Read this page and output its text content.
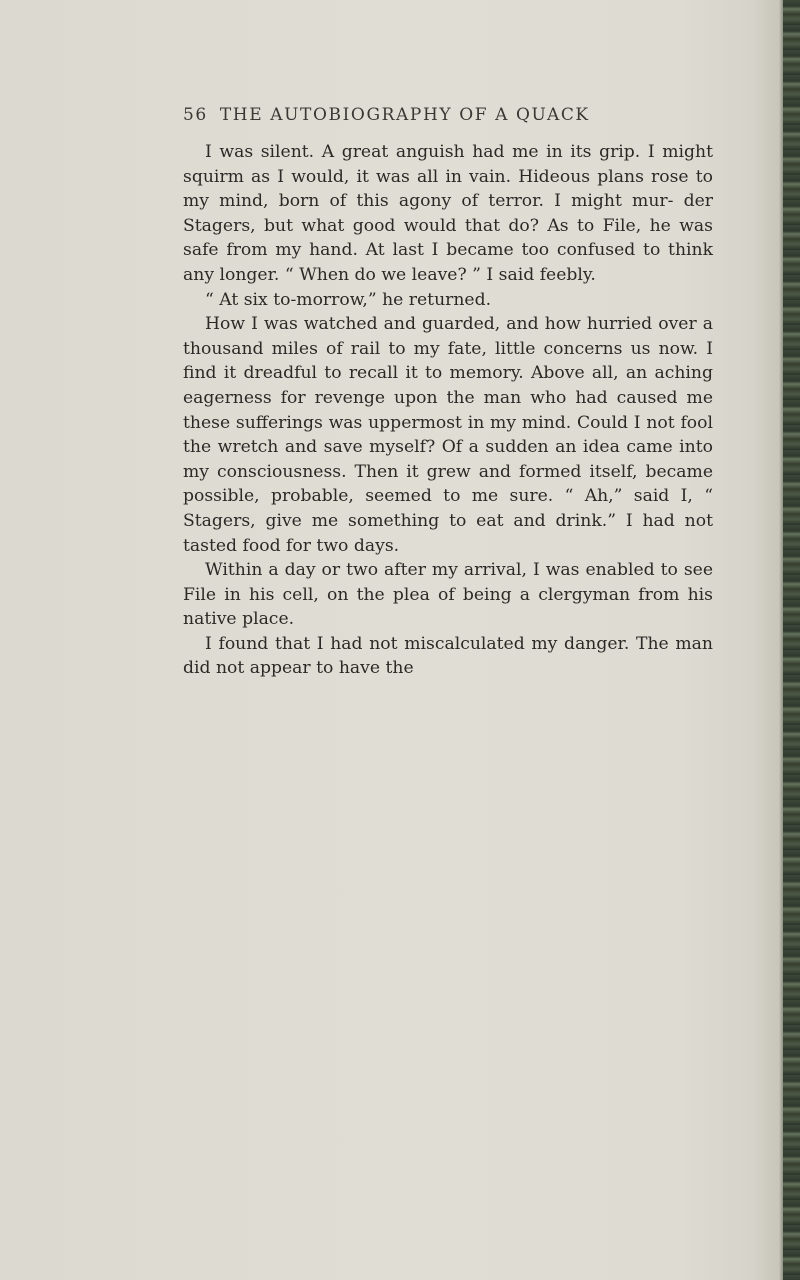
56 THE AUTOBIOGRAPHY OF A QUACK

I was silent. A great anguish had me in its grip. I might squirm as I would, it was all in vain. Hideous plans rose to my mind, born of this agony of terror. I might mur- der Stagers, but what good would that do? As to File, he was safe from my hand. At last I became too confused to think any longer. “ When do we leave? ” I said feebly.

“ At six to-morrow,” he returned.

How I was watched and guarded, and how hurried over a thousand miles of rail to my fate, little concerns us now. I find it dreadful to recall it to memory. Above all, an aching eagerness for revenge upon the man who had caused me these sufferings was uppermost in my mind. Could I not fool the wretch and save myself? Of a sudden an idea came into my consciousness. Then it grew and formed itself, became possible, probable, seemed to me sure. “ Ah,” said I, “ Stagers, give me something to eat and drink.” I had not tasted food for two days.

Within a day or two after my arrival, I was enabled to see File in his cell, on the plea of being a clergyman from his native place.

I found that I had not miscalculated my danger. The man did not appear to have the
